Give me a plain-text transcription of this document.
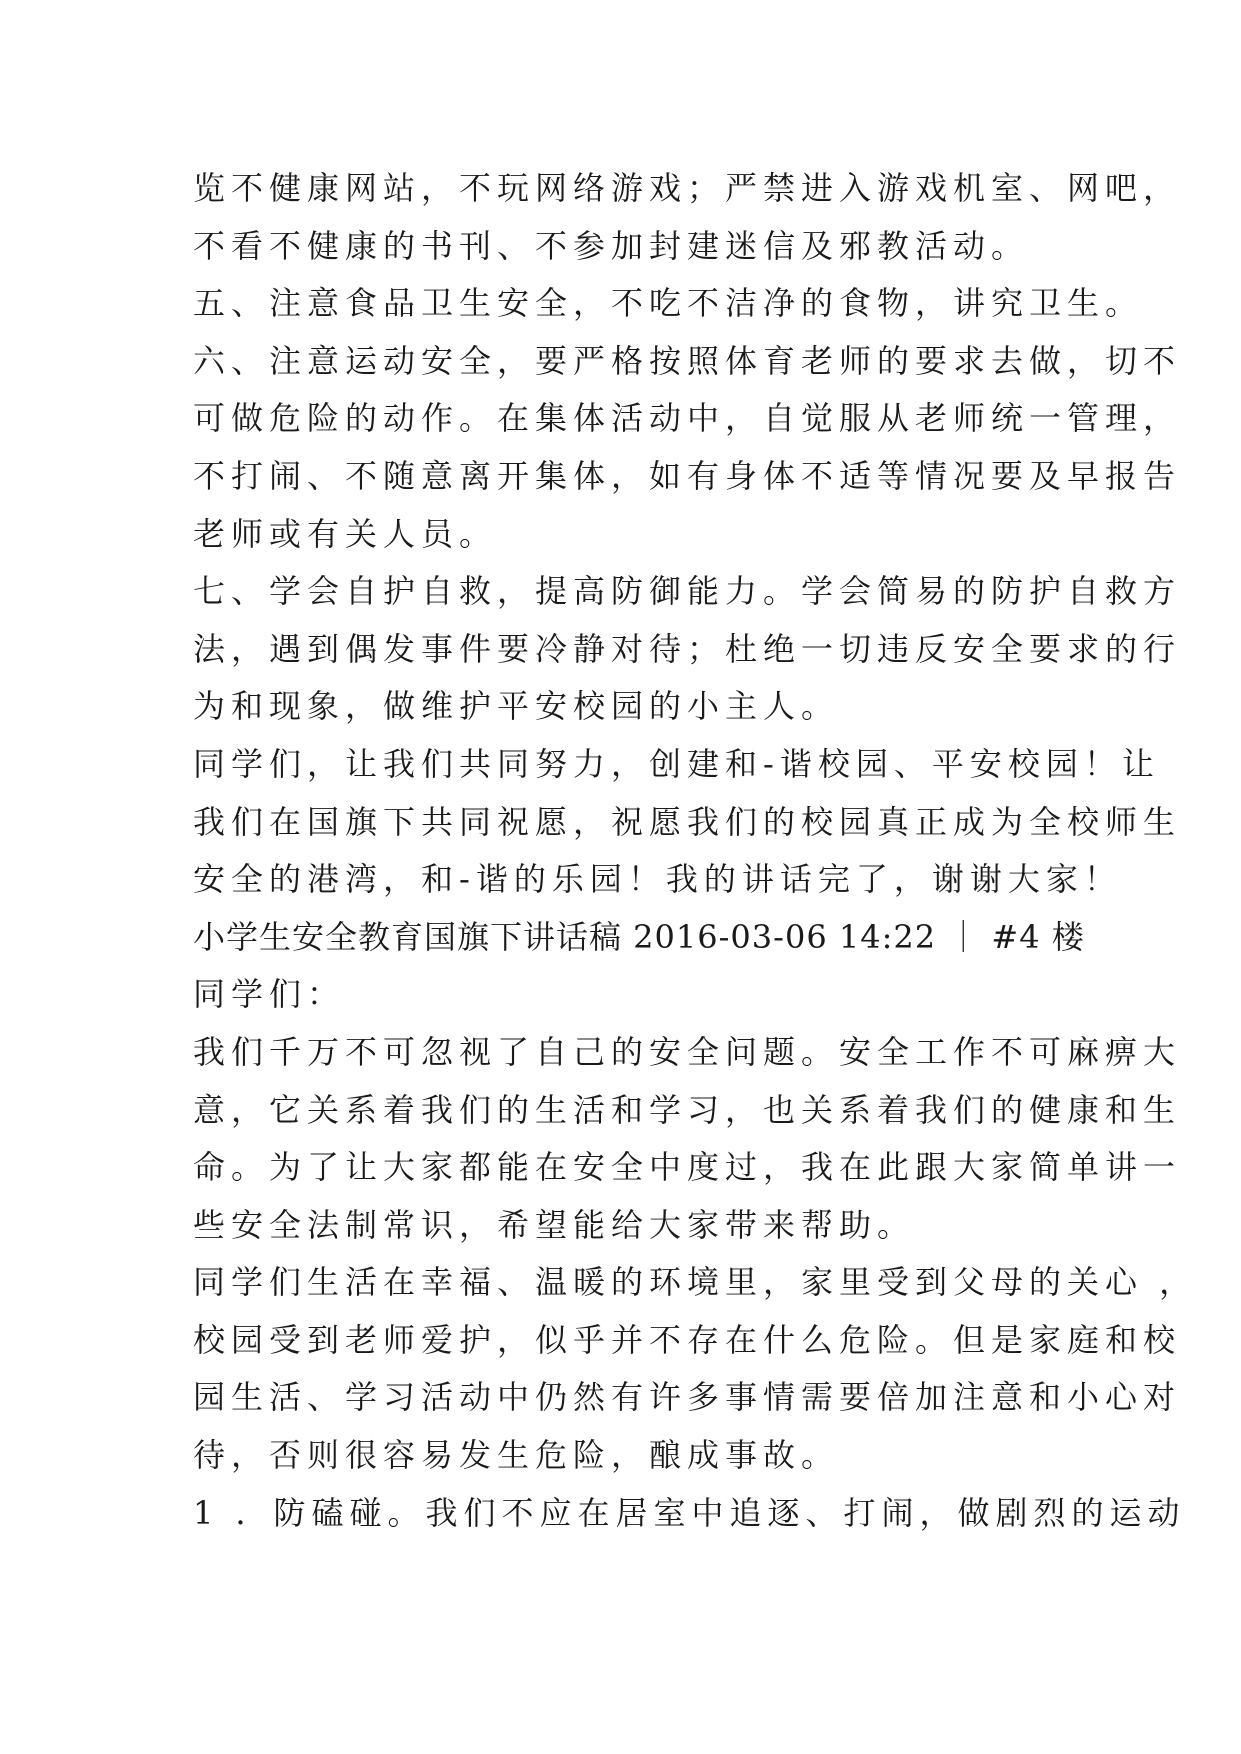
览不健康网站，不玩网络游戏；严禁进入游戏机室、网吧，
不看不健康的书刊、不参加封建迷信及邪教活动。
五、注意食品卫生安全，不吃不洁净的食物，讲究卫生。
六、注意运动安全，要严格按照体育老师的要求去做，切不
可做危险的动作。在集体活动中，自觉服从老师统一管理，
不打闹、不随意离开集体，如有身体不适等情况要及早报告
老师或有关人员。
七、学会自护自救，提高防御能力。学会简易的防护自救方
法，遇到偶发事件要冷静对待；杜绝一切违反安全要求的行
为和现象，做维护平安校园的小主人。
同学们，让我们共同努力，创建和-谐校园、平安校园！让
我们在国旗下共同祝愿，祝愿我们的校园真正成为全校师生
安全的港湾，和-谐的乐园！我的讲话完了，谢谢大家！
小学生安全教育国旗下讲话稿 2016-03-06 14:22 ｜ #4 楼
同学们：
我们千万不可忽视了自己的安全问题。安全工作不可麻痹大
意，它关系着我们的生活和学习，也关系着我们的健康和生
命。为了让大家都能在安全中度过，我在此跟大家简单讲一
些安全法制常识，希望能给大家带来帮助。
同学们生活在幸福、温暖的环境里，家里受到父母的关心 ，
校园受到老师爱护，似乎并不存在什么危险。但是家庭和校
园生活、学习活动中仍然有许多事情需要倍加注意和小心对
待，否则很容易发生危险，酿成事故。
1 ．防磕碰。我们不应在居室中追逐、打闹，做剧烈的运动
